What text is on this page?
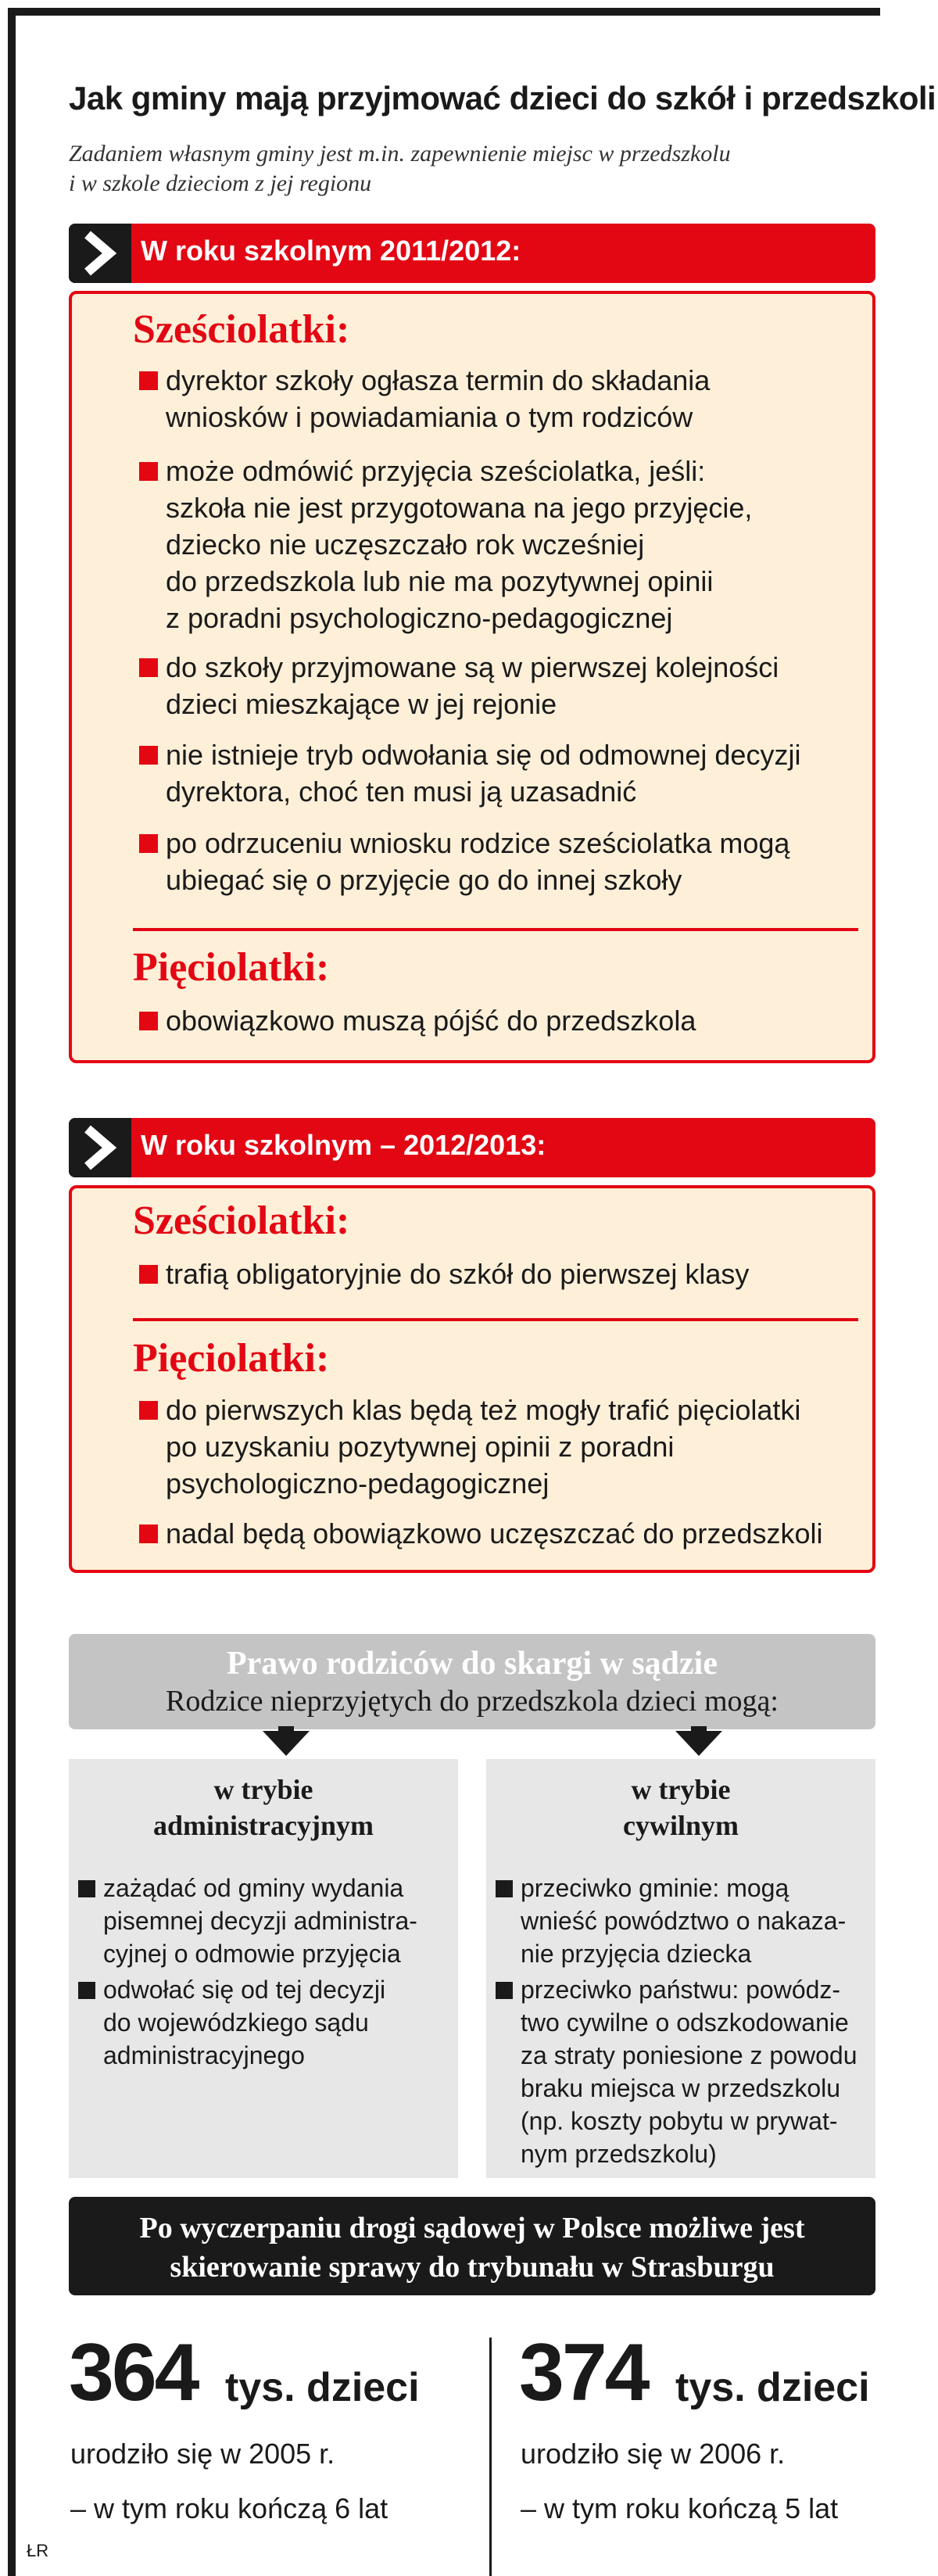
Jak gminy mają przyjmować dzieci do szkół i przedszkoli
Zadaniem własnym gminy jest m.in. zapewnienie miejsc w przedszkolu
i w szkole dzieciom z jej regionu
W roku szkolnym 2011/2012:
Sześciolatki:
dyrektor szkoły ogłasza termin do składania
wniosków i powiadamiania o tym rodziców
może odmówić przyjęcia sześciolatka, jeśli:
szkoła nie jest przygotowana na jego przyjęcie,
dziecko nie uczęszczało rok wcześniej
do przedszkola lub nie ma pozytywnej opinii
z poradni psychologiczno-pedagogicznej
do szkoły przyjmowane są w pierwszej kolejności
dzieci mieszkające w jej rejonie
nie istnieje tryb odwołania się od odmownej decyzji
dyrektora, choć ten musi ją uzasadnić
po odrzuceniu wniosku rodzice sześciolatka mogą
ubiegać się o przyjęcie go do innej szkoły
Pięciolatki:
obowiązkowo muszą pójść do przedszkola
W roku szkolnym – 2012/2013:
Sześciolatki:
trafią obligatoryjnie do szkół do pierwszej klasy
Pięciolatki:
do pierwszych klas będą też mogły trafić pięciolatki
po uzyskaniu pozytywnej opinii z poradni
psychologiczno-pedagogicznej
nadal będą obowiązkowo uczęszczać do przedszkoli
Prawo rodziców do skargi w sądzie
Rodzice nieprzyjętych do przedszkola dzieci mogą:
w trybie
administracyjnym
zażądać od gminy wydania
pisemnej decyzji administra-
cyjnej o odmowie przyjęcia
odwołać się od tej decyzji
do wojewódzkiego sądu
administracyjnego
w trybie
cywilnym
przeciwko gminie: mogą
wnieść powództwo o nakaza-
nie przyjęcia dziecka
przeciwko państwu: powódz-
two cywilne o odszkodowanie
za straty poniesione z powodu
braku miejsca w przedszkolu
(np. koszty pobytu w prywat-
nym przedszkolu)
Po wyczerpaniu drogi sądowej w Polsce możliwe jest
skierowanie sprawy do trybunału w Strasburgu
364 tys. dzieci
urodziło się w 2005 r.
– w tym roku kończą 6 lat
374 tys. dzieci
urodziło się w 2006 r.
– w tym roku kończą 5 lat
ŁR
